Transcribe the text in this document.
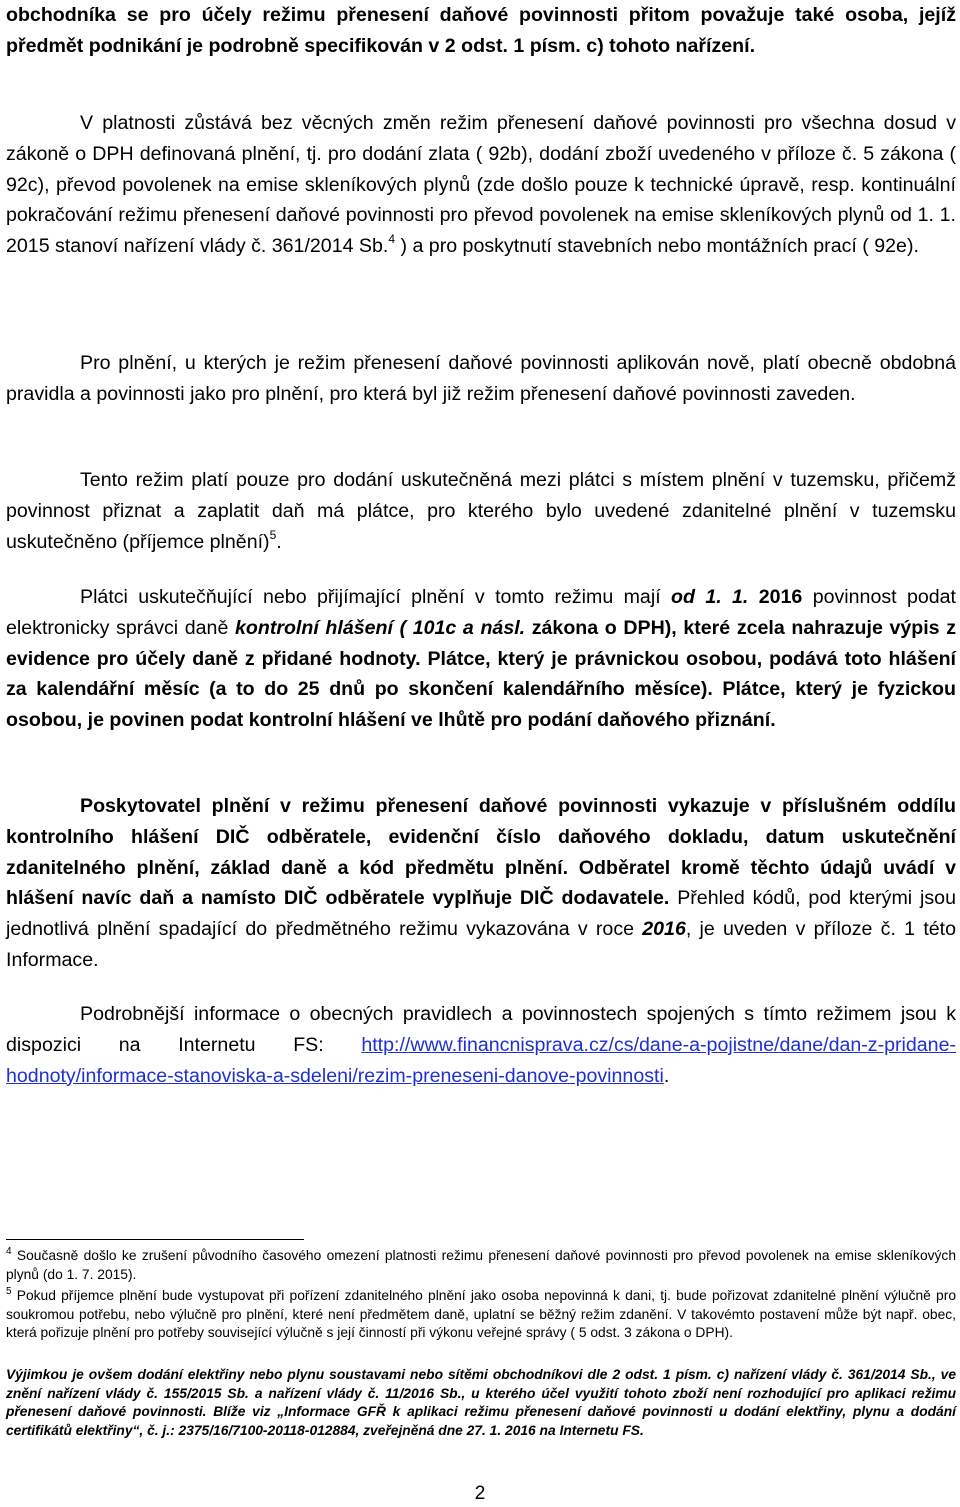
obchodníka se pro účely režimu přenesení daňové povinnosti přitom považuje také osoba, jejíž předmět podnikání je podrobně specifikován v 2 odst. 1 písm. c) tohoto nařízení.

V platnosti zůstává bez věcných změn režim přenesení daňové povinnosti pro všechna dosud v zákoně o DPH definovaná plnění, tj. pro dodání zlata ( 92b), dodání zboží uvedeného v příloze č. 5 zákona ( 92c), převod povolenek na emise skleníkových plynů (zde došlo pouze k technické úpravě, resp. kontinuální pokračování režimu přenesení daňové povinnosti pro převod povolenek na emise skleníkových plynů od 1. 1. 2015 stanoví nařízení vlády č. 361/2014 Sb.$^4$ ) a pro poskytnutí stavebních nebo montážních prací ( 92e).

Pro plnění, u kterých je režim přenesení daňové povinnosti aplikován nově, platí obecně obdobná pravidla a povinnosti jako pro plnění, pro která byl již režim přenesení daňové povinnosti zaveden.

Tento režim platí pouze pro dodání uskutečněná mezi plátci s místem plnění v tuzemsku, přičemž povinnost přiznat a zaplatit daň má plátce, pro kterého bylo uvedené zdanitelné plnění v tuzemsku uskutečněno (příjemce plnění)$^5$.

Plátci uskutečňující nebo přijímající plnění v tomto režimu mají od 1. 1. 2016 povinnost podat elektronicky správci daně kontrolní hlášení ( 101c a násl. zákona o DPH), které zcela nahrazuje výpis z evidence pro účely daně z přidané hodnoty. Plátce, který je právnickou osobou, podává toto hlášení za kalendářní měsíc (a to do 25 dnů po skončení kalendářního měsíce). Plátce, který je fyzickou osobou, je povinen podat kontrolní hlášení ve lhůtě pro podání daňového přiznání.

Poskytovatel plnění v režimu přenesení daňové povinnosti vykazuje v příslušném oddílu kontrolního hlášení DIČ odběratele, evidenční číslo daňového dokladu, datum uskutečnění zdanitelného plnění, základ daně a kód předmětu plnění. Odběratel kromě těchto údajů uvádí v hlášení navíc daň a namísto DIČ odběratele vyplňuje DIČ dodavatele. Přehled kódů, pod kterými jsou jednotlivá plnění spadající do předmětného režimu vykazována v roce 2016, je uveden v příloze č. 1 této Informace.

Podrobnější informace o obecných pravidlech a povinnostech spojených s tímto režimem jsou k dispozici na Internetu FS: http://www.financnisprava.cz/cs/dane-a-pojistne/dane/dan-z-pridane-hodnoty/informace-stanoviska-a-sdeleni/rezim-preneseni-danove-povinnosti.

$^4$ Současně došlo ke zrušení původního časového omezení platnosti režimu přenesení daňové povinnosti pro převod povolenek na emise skleníkových plynů (do 1. 7. 2015).

$^5$ Pokud příjemce plnění bude vystupovat při pořízení zdanitelného plnění jako osoba nepovinná k dani, tj. bude pořizovat zdanitelné plnění výlučně pro soukromou potřebu, nebo výlučně pro plnění, které není předmětem daně, uplatní se běžný režim zdanění. V takovémto postavení může být např. obec, která pořizuje plnění pro potřeby související výlučně s její činností při výkonu veřejné správy ( 5 odst. 3 zákona o DPH).

Výjimkou je ovšem dodání elektřiny nebo plynu soustavami nebo sítěmi obchodníkovi dle 2 odst. 1 písm. c) nařízení vlády č. 361/2014 Sb., ve znění nařízení vlády č. 155/2015 Sb. a nařízení vlády č. 11/2016 Sb., u kterého účel využití tohoto zboží není rozhodující pro aplikaci režimu přenesení daňové povinnosti. Blíže viz „Informace GFŘ k aplikaci režimu přenesení daňové povinnosti u dodání elektřiny, plynu a dodání certifikátů elektřiny“, č. j.: 2375/16/7100-20118-012884, zveřejněná dne 27. 1. 2016 na Internetu FS.

2
